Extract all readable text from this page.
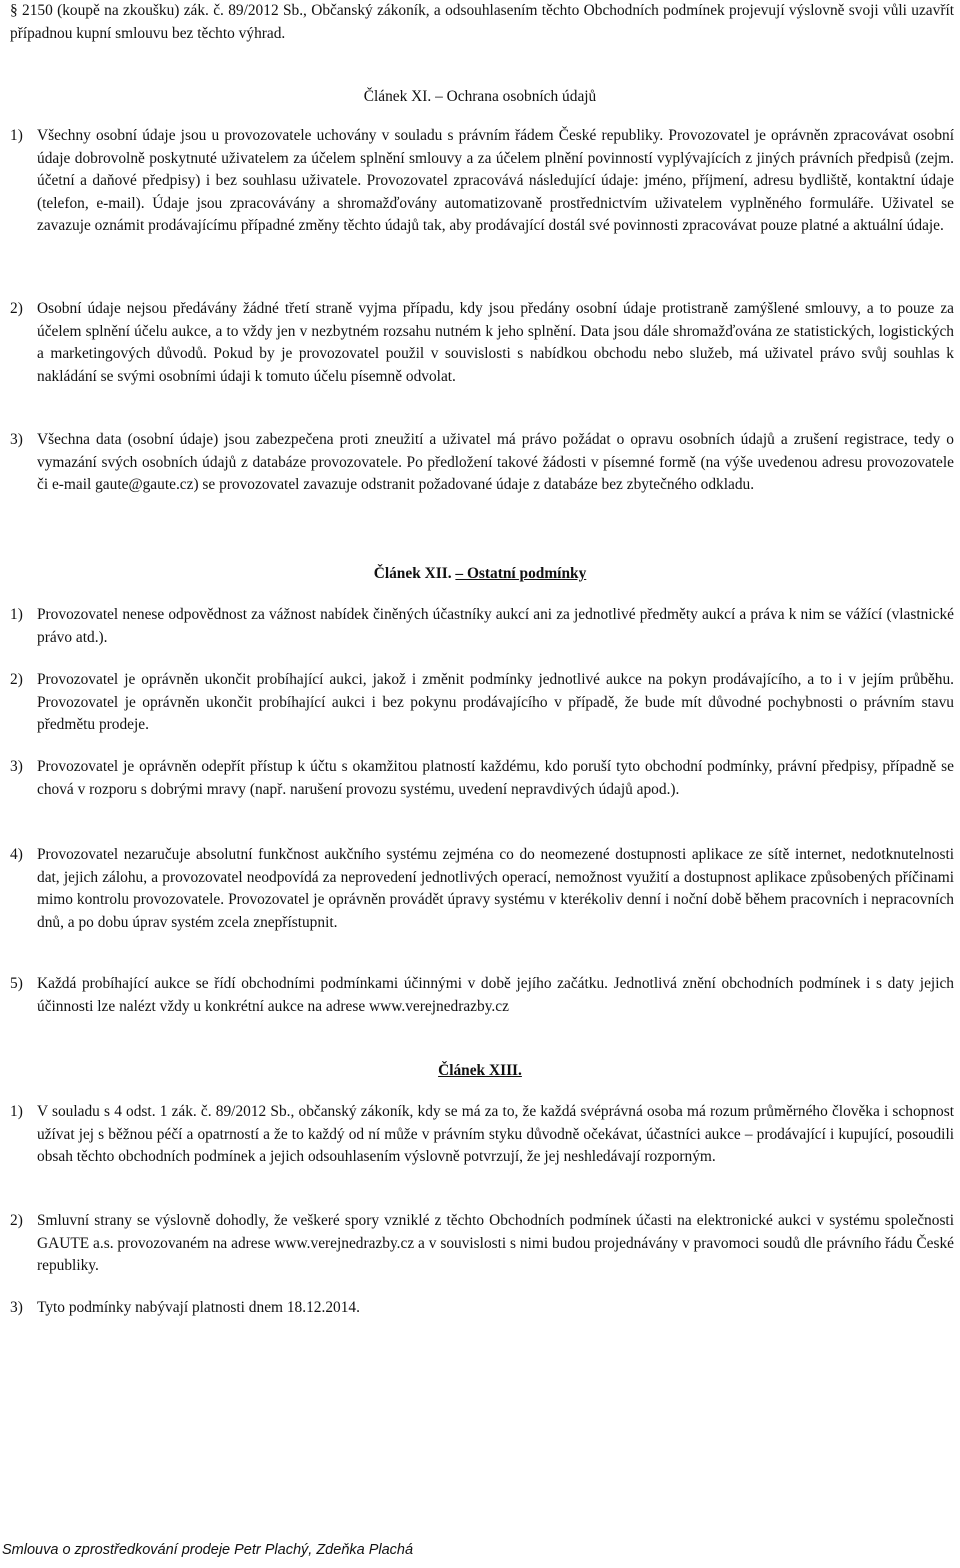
§ 2150 (koupě na zkoušku) zák. č. 89/2012 Sb., Občanský zákoník, a odsouhlasením těchto Obchodních podmínek projevují výslovně svoji vůli uzavřít případnou kupní smlouvu bez těchto výhrad.
Článek XI. – Ochrana osobních údajů
1) Všechny osobní údaje jsou u provozovatele uchovány v souladu s právním řádem České republiky. Provozovatel je oprávněn zpracovávat osobní údaje dobrovolně poskytnuté uživatelem za účelem splnění smlouvy a za účelem plnění povinností vyplývajících z jiných právních předpisů (zejm. účetní a daňové předpisy) i bez souhlasu uživatele. Provozovatel zpracovává následující údaje: jméno, příjmení, adresu bydliště, kontaktní údaje (telefon, e-mail). Údaje jsou zpracovávány a shromažďovány automatizovaně prostřednictvím uživatelem vyplněného formuláře. Uživatel se zavazuje oznámit prodávajícímu případné změny těchto údajů tak, aby prodávající dostál své povinnosti zpracovávat pouze platné a aktuální údaje.
2) Osobní údaje nejsou předávány žádné třetí straně vyjma případu, kdy jsou předány osobní údaje protistraně zamýšlené smlouvy, a to pouze za účelem splnění účelu aukce, a to vždy jen v nezbytném rozsahu nutném k jeho splnění. Data jsou dále shromažďována ze statistických, logistických a marketingových důvodů. Pokud by je provozovatel použil v souvislosti s nabídkou obchodu nebo služeb, má uživatel právo svůj souhlas k nakládání se svými osobními údaji k tomuto účelu písemně odvolat.
3) Všechna data (osobní údaje) jsou zabezpečena proti zneužití a uživatel má právo požádat o opravu osobních údajů a zrušení registrace, tedy o vymazání svých osobních údajů z databáze provozovatele. Po předložení takové žádosti v písemné formě (na výše uvedenou adresu provozovatele či e-mail gaute@gaute.cz) se provozovatel zavazuje odstranit požadované údaje z databáze bez zbytečného odkladu.
Článek XII. – Ostatní podmínky
1) Provozovatel nenese odpovědnost za vážnost nabídek činěných účastníky aukcí ani za jednotlivé předměty aukcí a práva k nim se vážící (vlastnické právo atd.).
2) Provozovatel je oprávněn ukončit probíhající aukci, jakož i změnit podmínky jednotlivé aukce na pokyn prodávajícího, a to i v jejím průběhu. Provozovatel je oprávněn ukončit probíhající aukci i bez pokynu prodávajícího v případě, že bude mít důvodné pochybnosti o právním stavu předmětu prodeje.
3) Provozovatel je oprávněn odepřít přístup k účtu s okamžitou platností každému, kdo poruší tyto obchodní podmínky, právní předpisy, případně se chová v rozporu s dobrými mravy (např. narušení provozu systému, uvedení nepravdivých údajů apod.).
4) Provozovatel nezaručuje absolutní funkčnost aukčního systému zejména co do neomezené dostupnosti aplikace ze sítě internet, nedotknutelnosti dat, jejich zálohu, a provozovatel neodpovídá za neprovedení jednotlivých operací, nemožnost využití a dostupnost aplikace způsobených příčinami mimo kontrolu provozovatele. Provozovatel je oprávněn provádět úpravy systému v kterékoliv denní i noční době během pracovních i nepracovních dnů, a po dobu úprav systém zcela znepřístupnit.
5) Každá probíhající aukce se řídí obchodními podmínkami účinnými v době jejího začátku. Jednotlivá znění obchodních podmínek i s daty jejich účinnosti lze nalézt vždy u konkrétní aukce na adrese www.verejnedrazby.cz
Článek XIII.
1) V souladu s 4 odst. 1 zák. č. 89/2012 Sb., občanský zákoník, kdy se má za to, že každá svéprávná osoba má rozum průměrného člověka i schopnost užívat jej s běžnou péčí a opatrností a že to každý od ní může v právním styku důvodně očekávat, účastníci aukce – prodávající i kupující, posoudili obsah těchto obchodních podmínek a jejich odsouhlasením výslovně potvrzují, že jej neshledávají rozporným.
2) Smluvní strany se výslovně dohodly, že veškeré spory vzniklé z těchto Obchodních podmínek účasti na elektronické aukci v systému společnosti GAUTE a.s. provozovaném na adrese www.verejnedrazby.cz a v souvislosti s nimi budou projednávány v pravomoci soudů dle právního řádu České republiky.
3) Tyto podmínky nabývají platnosti dnem 18.12.2014.
Smlouva o zprostředkování prodeje Petr Plachý, Zdeňka Plachá
